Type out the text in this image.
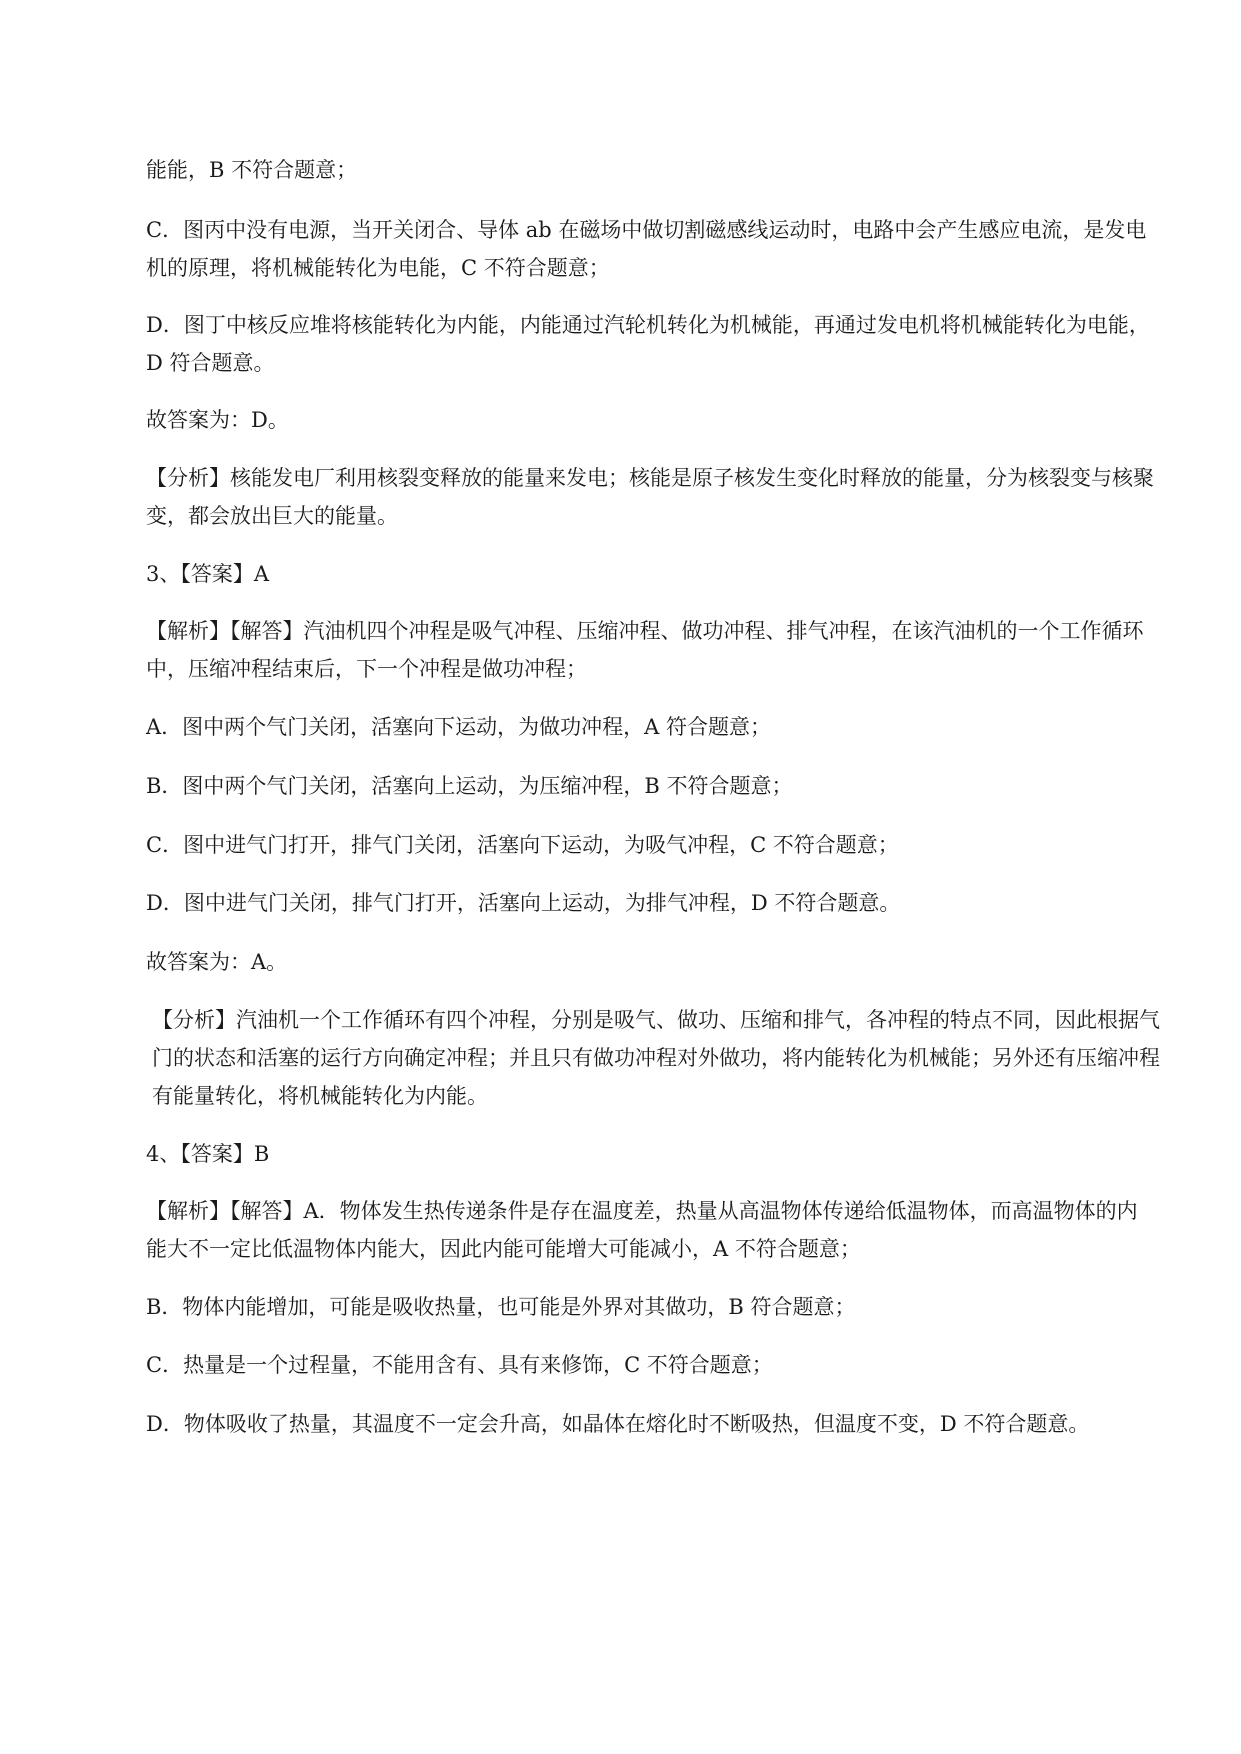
能能，B 不符合题意；

C．图丙中没有电源，当开关闭合、导体 ab 在磁场中做切割磁感线运动时，电路中会产生感应电流，是发电机的原理，将机械能转化为电能，C 不符合题意；

D．图丁中核反应堆将核能转化为内能，内能通过汽轮机转化为机械能，再通过发电机将机械能转化为电能，D 符合题意。

故答案为：D。

【分析】核能发电厂利用核裂变释放的能量来发电；核能是原子核发生变化时释放的能量，分为核裂变与核聚变，都会放出巨大的能量。

3、【答案】A

【解析】【解答】汽油机四个冲程是吸气冲程、压缩冲程、做功冲程、排气冲程，在该汽油机的一个工作循环中，压缩冲程结束后，下一个冲程是做功冲程；

A．图中两个气门关闭，活塞向下运动，为做功冲程，A 符合题意；

B．图中两个气门关闭，活塞向上运动，为压缩冲程，B 不符合题意；

C．图中进气门打开，排气门关闭，活塞向下运动，为吸气冲程，C 不符合题意；

D．图中进气门关闭，排气门打开，活塞向上运动，为排气冲程，D 不符合题意。

故答案为：A。

【分析】汽油机一个工作循环有四个冲程，分别是吸气、做功、压缩和排气，各冲程的特点不同，因此根据气门的状态和活塞的运行方向确定冲程；并且只有做功冲程对外做功，将内能转化为机械能；另外还有压缩冲程有能量转化，将机械能转化为内能。

4、【答案】B

【解析】【解答】A．物体发生热传递条件是存在温度差，热量从高温物体传递给低温物体，而高温物体的内能大不一定比低温物体内能大，因此内能可能增大可能减小，A 不符合题意；

B．物体内能增加，可能是吸收热量，也可能是外界对其做功，B 符合题意；

C．热量是一个过程量，不能用含有、具有来修饰，C 不符合题意；

D．物体吸收了热量，其温度不一定会升高，如晶体在熔化时不断吸热，但温度不变，D 不符合题意。
